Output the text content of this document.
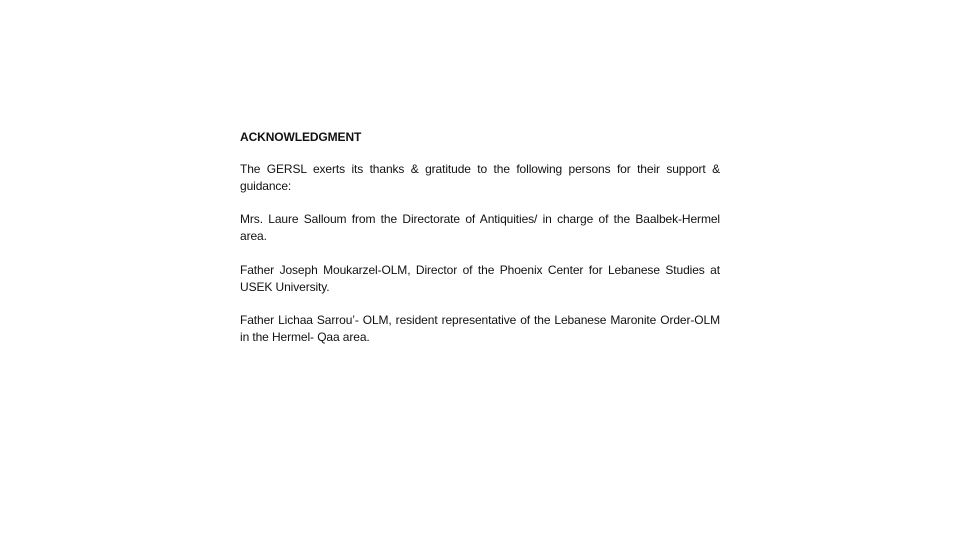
ACKNOWLEDGMENT

The GERSL exerts its thanks & gratitude to the following persons for their support & guidance:

Mrs. Laure Salloum from the Directorate of Antiquities/ in charge of the Baalbek-Hermel area.

Father Joseph Moukarzel-OLM, Director of the Phoenix Center for Lebanese Studies at USEK University.

Father Lichaa Sarrou’- OLM, resident representative of the Lebanese Maronite Order-OLM in the Hermel- Qaa area.
